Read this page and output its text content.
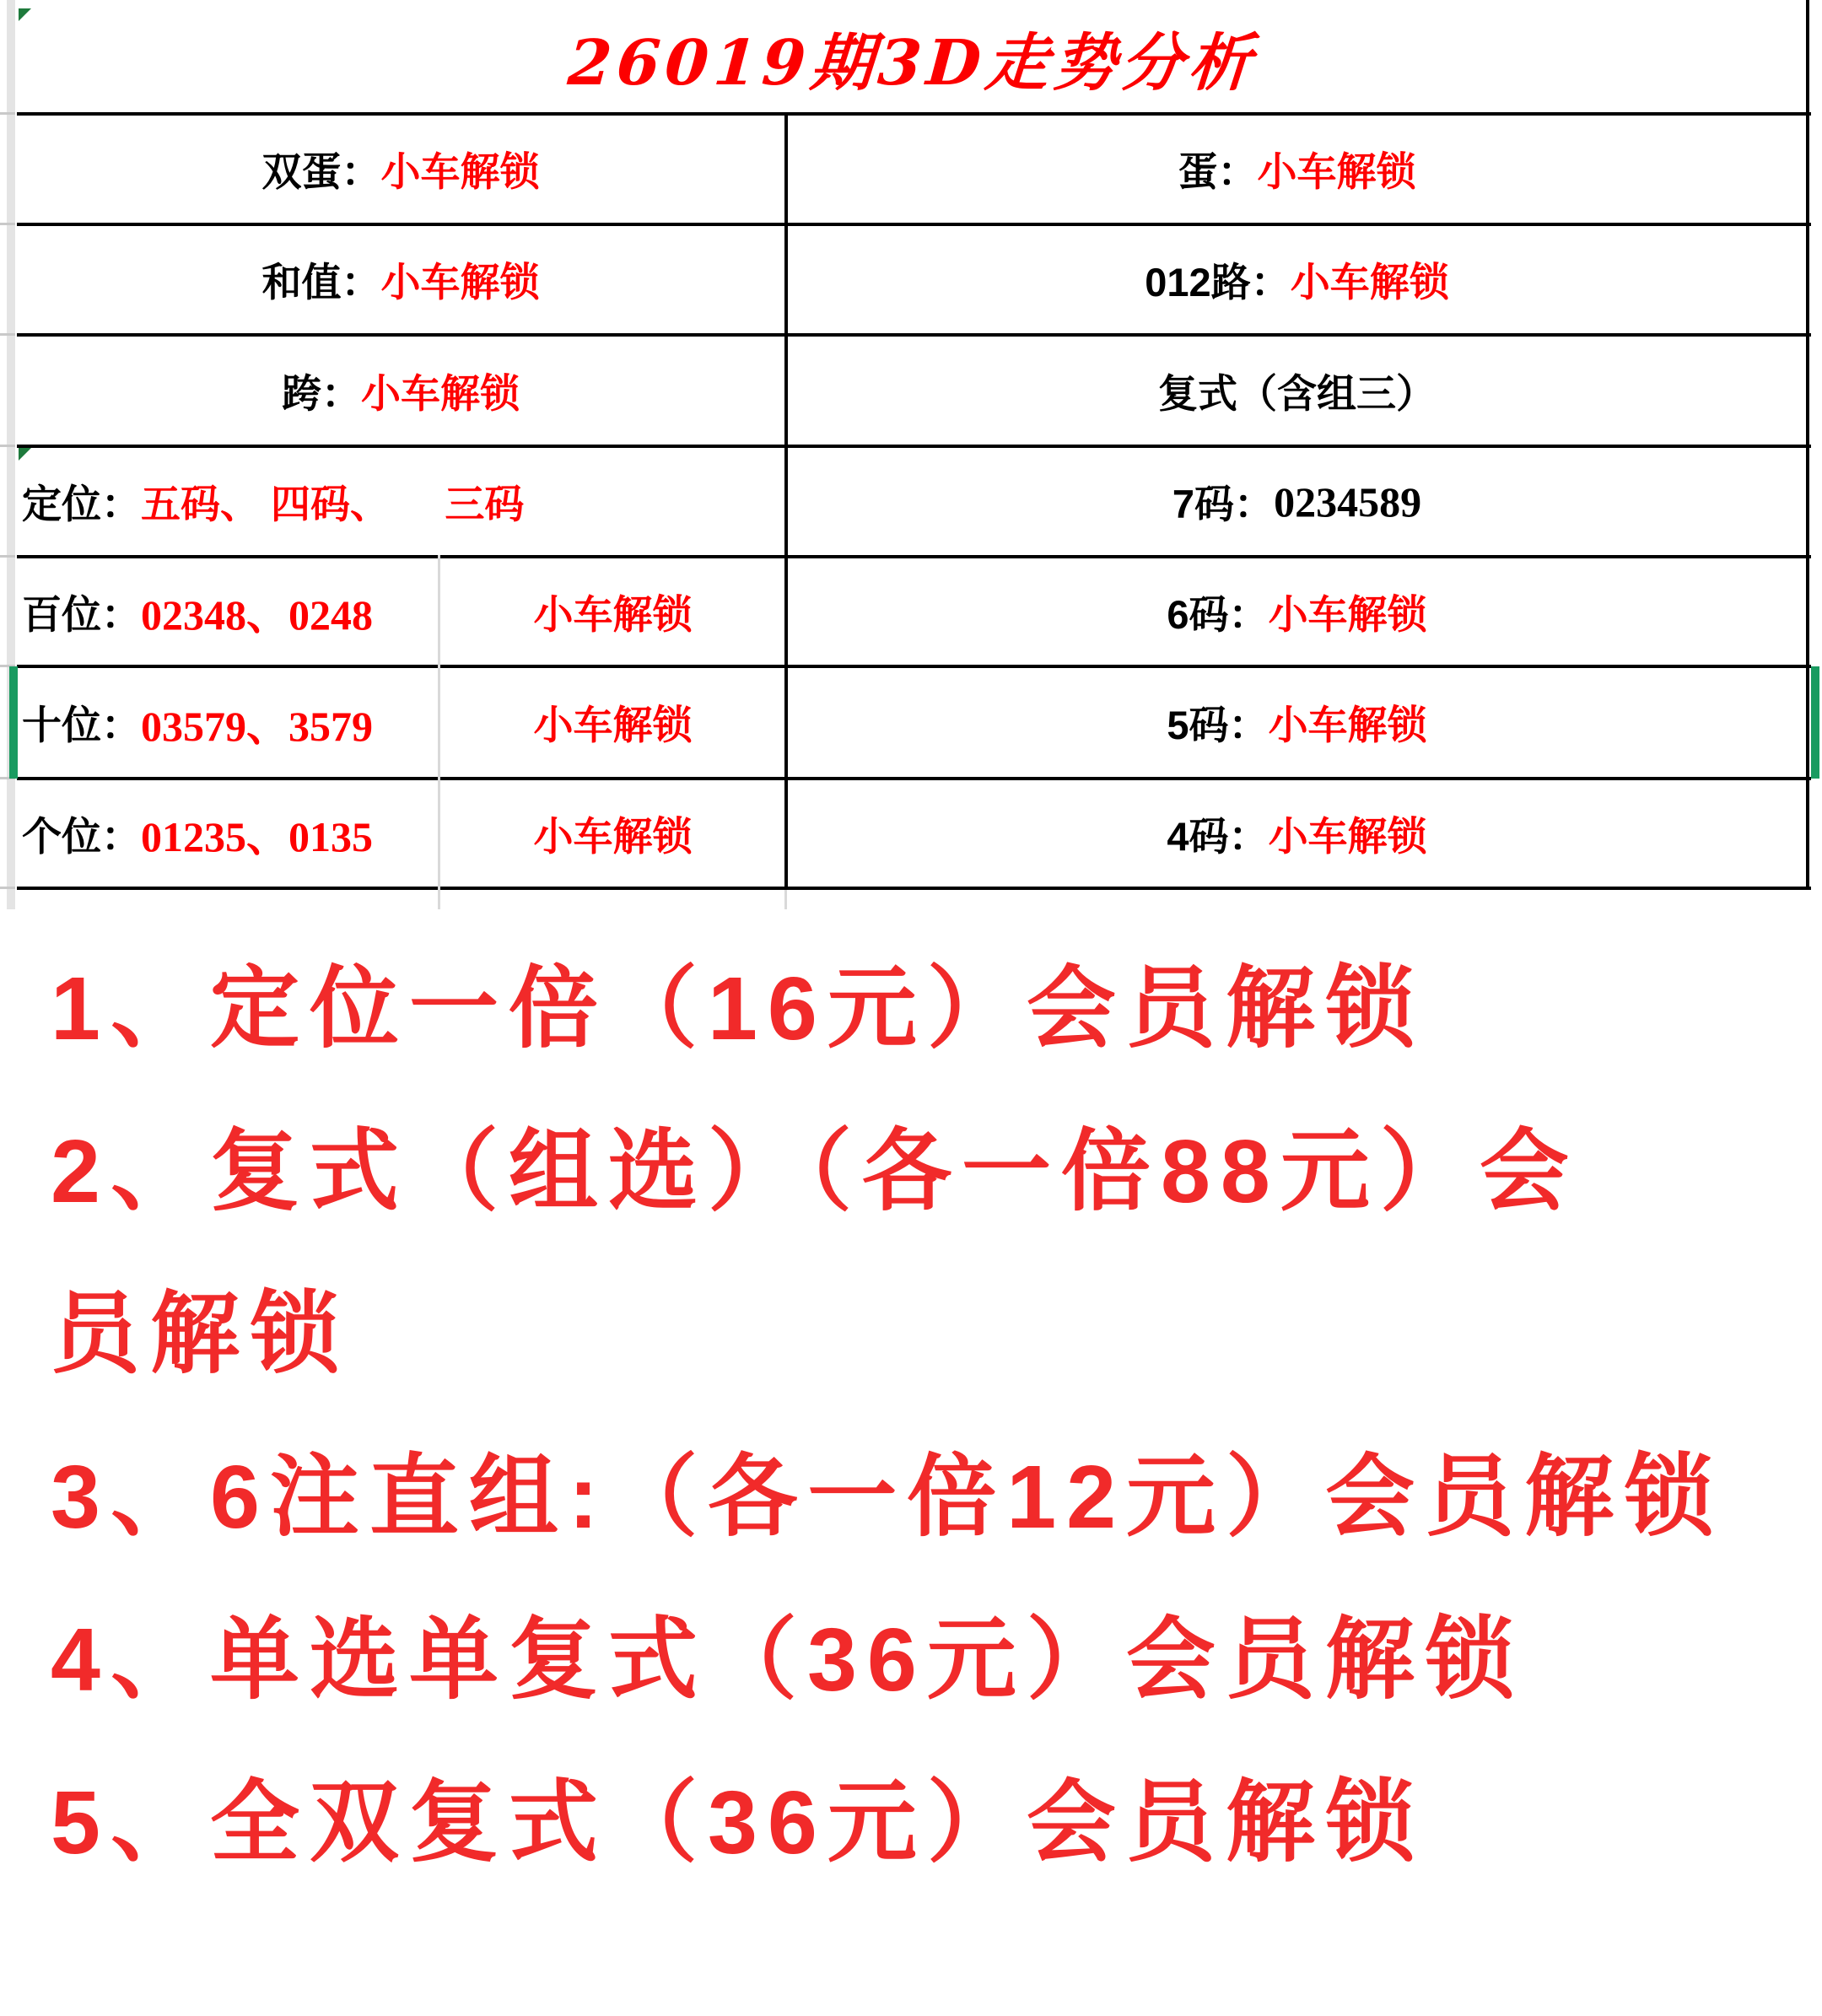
26019期3D走势分析
双蛋： 小车解锁	蛋： 小车解锁
和值： 小车解锁	012路： 小车解锁
跨： 小车解锁	复式（含组三）
定位： 五码、 四码、     三码	7码： 0234589
百位： 02348、0248	小车解锁	6码： 小车解锁
十位： 03579、3579	小车解锁	5码： 小车解锁
个位： 01235、0135	小车解锁	4码： 小车解锁

1、定位一倍（16元）会员解锁

2、复式（组选）（各一倍88元）会员解锁

3、6注直组:（各一倍12元）会员解锁

4、单选单复式（36元）会员解锁

5、全双复式（36元）会员解锁
